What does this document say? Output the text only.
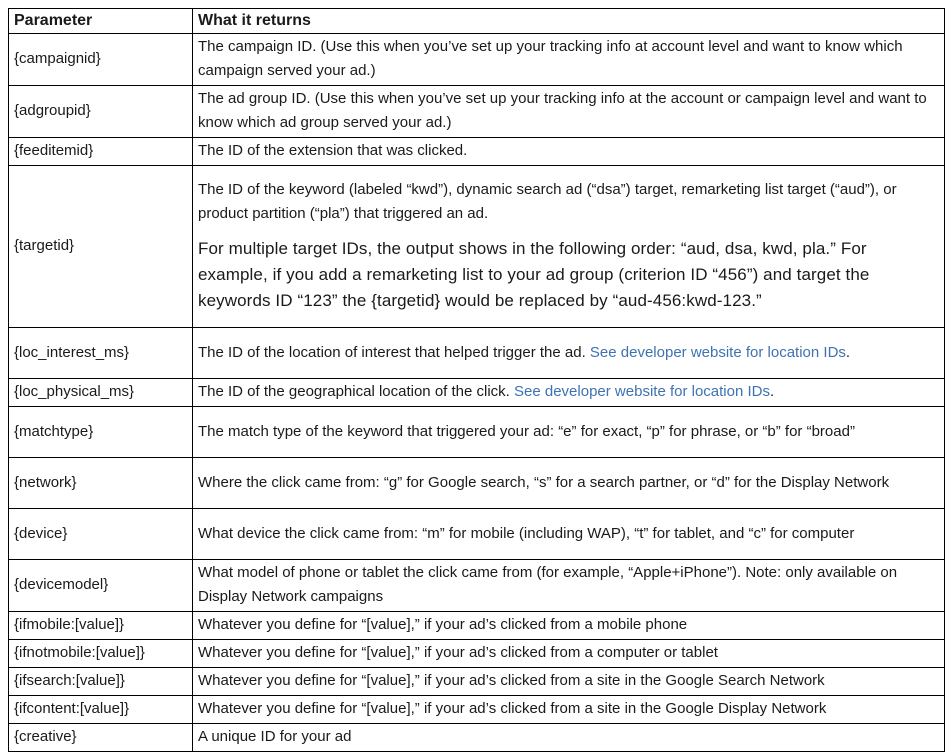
Parameter	What it returns
{campaignid}	The campaign ID. (Use this when you’ve set up your tracking info at account level and want to know which campaign served your ad.)
{adgroupid}	The ad group ID. (Use this when you’ve set up your tracking info at the account or campaign level and want to know which ad group served your ad.)
{feeditemid}	The ID of the extension that was clicked.
{targetid}	The ID of the keyword (labeled “kwd”), dynamic search ad (“dsa”) target, remarketing list target (“aud”), or product partition (“pla”) that triggered an ad.
For multiple target IDs, the output shows in the following order: “aud, dsa, kwd, pla.” For example, if you add a remarketing list to your ad group (criterion ID “456”) and target the keywords ID “123” the {targetid} would be replaced by “aud-456:kwd-123.”

{loc_interest_ms}	The ID of the location of interest that helped trigger the ad. See developer website for location IDs.
{loc_physical_ms}	The ID of the geographical location of the click. See developer website for location IDs.
{matchtype}	The match type of the keyword that triggered your ad: “e” for exact, “p” for phrase, or “b” for “broad”
{network}	Where the click came from: “g” for Google search, “s” for a search partner, or “d” for the Display Network
{device}	What device the click came from: “m” for mobile (including WAP), “t” for tablet, and “c” for computer
{devicemodel}	What model of phone or tablet the click came from (for example, “Apple+iPhone”). Note: only available on Display Network campaigns
{ifmobile:[value]}	Whatever you define for “[value],” if your ad’s clicked from a mobile phone
{ifnotmobile:[value]}	Whatever you define for “[value],” if your ad’s clicked from a computer or tablet
{ifsearch:[value]}	Whatever you define for “[value],” if your ad’s clicked from a site in the Google Search Network
{ifcontent:[value]}	Whatever you define for “[value],” if your ad’s clicked from a site in the Google Display Network
{creative}	A unique ID for your ad
